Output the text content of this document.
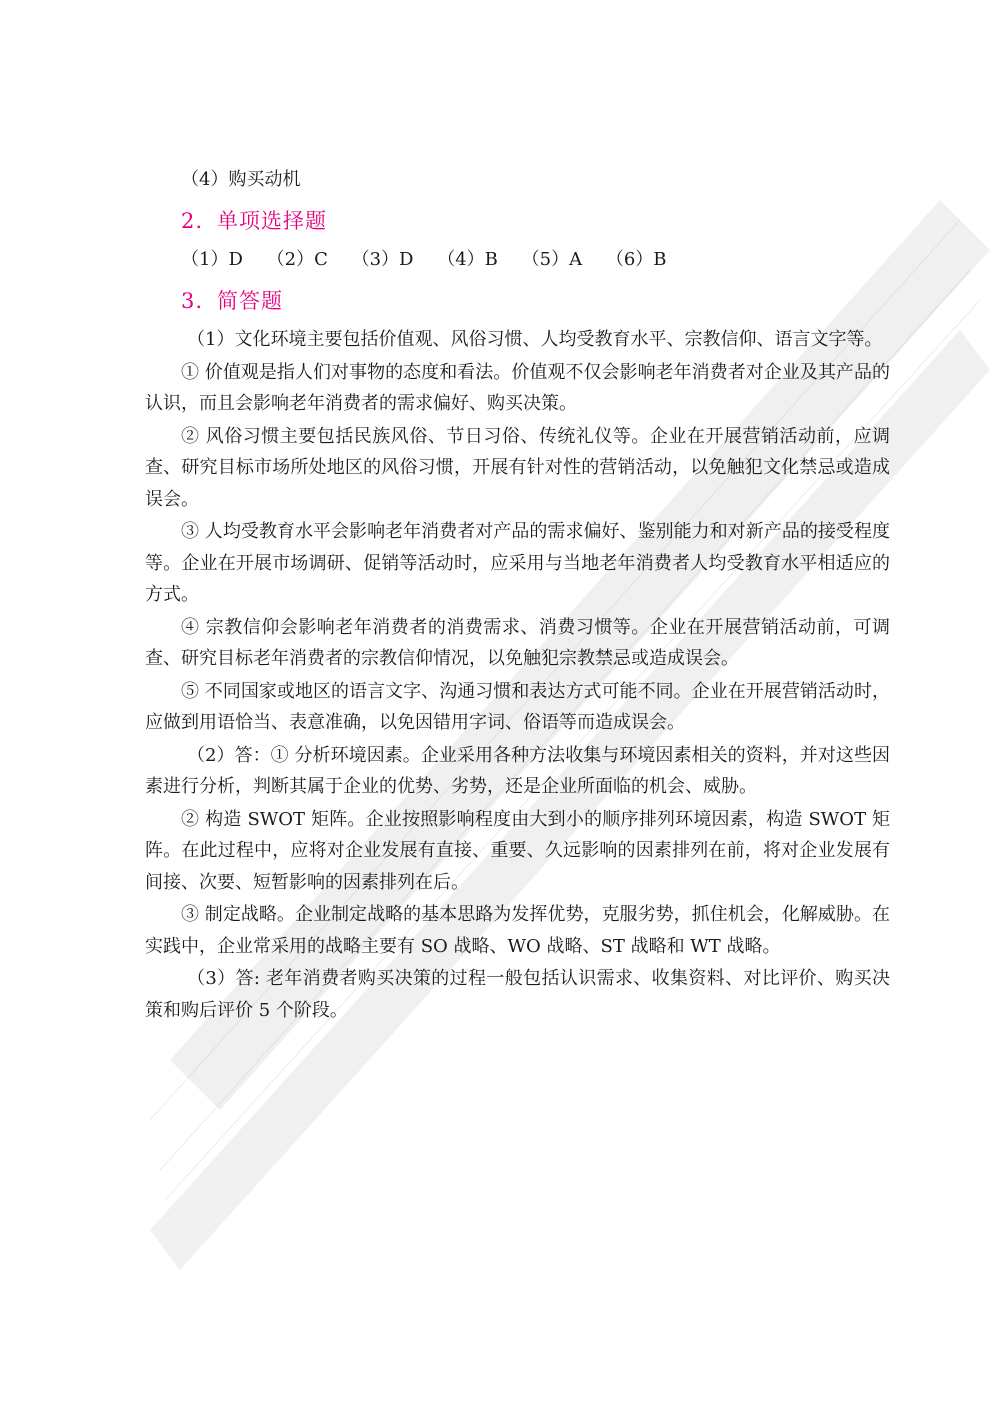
（4）购买动机

2. 单项选择题
（1）D （2）C （3）D （4）B （5）A （6）B
3. 简答题

（1）文化环境主要包括价值观、风俗习惯、人均受教育水平、宗教信仰、语言文字等。

① 价值观是指人们对事物的态度和看法。价值观不仅会影响老年消费者对企业及其产品的认识，而且会影响老年消费者的需求偏好、购买决策。

② 风俗习惯主要包括民族风俗、节日习俗、传统礼仪等。企业在开展营销活动前，应调查、研究目标市场所处地区的风俗习惯，开展有针对性的营销活动，以免触犯文化禁忌或造成误会。

③ 人均受教育水平会影响老年消费者对产品的需求偏好、鉴别能力和对新产品的接受程度等。企业在开展市场调研、促销等活动时，应采用与当地老年消费者人均受教育水平相适应的方式。

④ 宗教信仰会影响老年消费者的消费需求、消费习惯等。企业在开展营销活动前，可调查、研究目标老年消费者的宗教信仰情况，以免触犯宗教禁忌或造成误会。

⑤ 不同国家或地区的语言文字、沟通习惯和表达方式可能不同。企业在开展营销活动时，应做到用语恰当、表意准确，以免因错用字词、俗语等而造成误会。

（2）答：① 分析环境因素。企业采用各种方法收集与环境因素相关的资料，并对这些因素进行分析，判断其属于企业的优势、劣势，还是企业所面临的机会、威胁。

② 构造 SWOT 矩阵。企业按照影响程度由大到小的顺序排列环境因素，构造 SWOT 矩阵。在此过程中，应将对企业发展有直接、重要、久远影响的因素排列在前，将对企业发展有间接、次要、短暂影响的因素排列在后。

③ 制定战略。企业制定战略的基本思路为发挥优势，克服劣势，抓住机会，化解威胁。在实践中，企业常采用的战略主要有 SO 战略、WO 战略、ST 战略和 WT 战略。

（3）答: 老年消费者购买决策的过程一般包括认识需求、收集资料、对比评价、购买决策和购后评价 5 个阶段。
